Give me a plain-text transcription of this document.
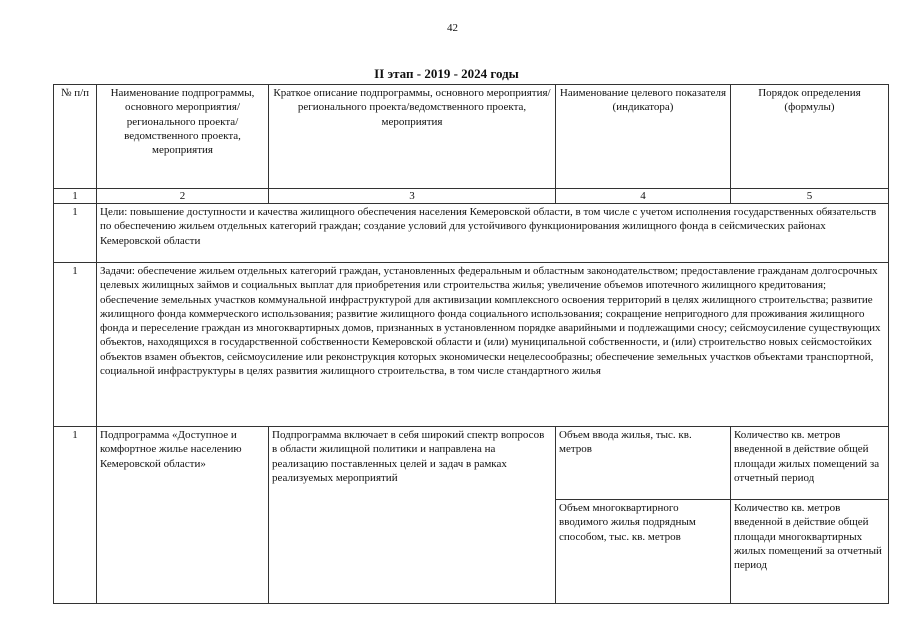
42
II этап - 2019 - 2024 годы
№ п/п	Наименование подпрограммы, основного мероприятия/регионального проекта/ведомственного проекта, мероприятия	Краткое описание подпрограммы, основного мероприятия/регионального проекта/ведомственного проекта, мероприятия	Наименование целевого показателя (индикатора)	Порядок определения (формулы)
1	2	3	4	5
1	Цели: повышение доступности и качества жилищного обеспечения населения Кемеровской области, в том числе с учетом исполнения государственных обязательств по обеспечению жильем отдельных категорий граждан; создание условий для устойчивого функционирования жилищного фонда в сейсмических районах Кемеровской области			
1	Задачи: обеспечение жильем отдельных категорий граждан, установленных федеральным и областным законодательством; предоставление гражданам долгосрочных целевых жилищных займов и социальных выплат для приобретения или строительства жилья; увеличение объемов ипотечного жилищного кредитования; обеспечение земельных участков коммунальной инфраструктурой для активизации комплексного освоения территорий в целях жилищного строительства; развитие жилищного фонда коммерческого использования; развитие жилищного фонда социального использования; сокращение непригодного для проживания жилищного фонда и переселение граждан из многоквартирных домов, признанных в установленном порядке аварийными и подлежащими сносу; сейсмоусиление существующих объектов, находящихся в государственной собственности Кемеровской области и (или) муниципальной собственности, и (или) строительство новых сейсмостойких объектов взамен объектов, сейсмоусиление или реконструкция которых экономически нецелесообразны; обеспечение земельных участков объектами транспортной, социальной инфраструктуры в целях развития жилищного строительства, в том числе стандартного жилья			
1	Подпрограмма «Доступное и комфортное жилье населению Кемеровской области»	Подпрограмма включает в себя широкий спектр вопросов в области жилищной политики и направлена на реализацию поставленных целей и задач в рамках реализуемых мероприятий	Объем ввода жилья, тыс. кв. метров	Количество кв. метров введенной в действие общей площади жилых помещений за отчетный период
			Объем многоквартирного вводимого жилья подрядным способом, тыс. кв. метров	Количество кв. метров введенной в действие общей площади многоквартирных жилых помещений за отчетный период
